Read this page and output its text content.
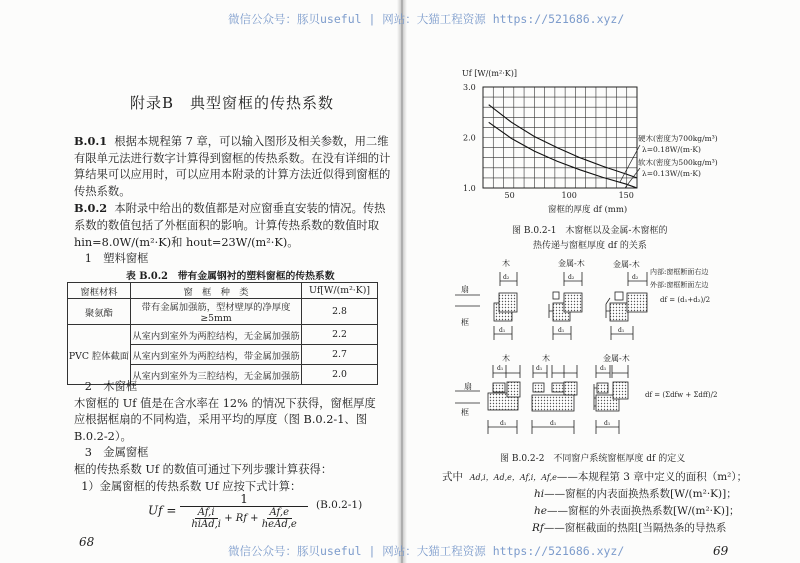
微信公众号：豚贝useful | 网站：大猫工程资源 https://521686.xyz/
附录B　典型窗框的传热系数
B.0.1 根据本规程第 7 章，可以输入图形及相关参数，用二维
有限单元法进行数字计算得到窗框的传热系数。在没有详细的计
算结果可以应用时，可以应用本附录的计算方法近似得到窗框的
传热系数。
B.0.2 本附录中给出的数值都是对应窗垂直安装的情况。传热
系数的数值包括了外框面积的影响。计算传热系数的数值时取
hin=8.0W/(m²·K)和 hout=23W/(m²·K)。
1　塑料窗框
表 B.0.2　带有金属钢衬的塑料窗框的传热系数
窗框材料	窗　框　种　类	Uf[W/(m²·K)]
聚氨酯	带有金属加强筋，型材壁厚的净厚度≥5mm	2.8
PVC 腔体截面	从室内到室外为两腔结构，无金属加强筋	2.2
	从室内到室外为两腔结构，带金属加强筋	2.7
	从室内到室外为三腔结构，无金属加强筋	2.0
2　木窗框
木窗框的 Uf 值是在含水率在 12% 的情况下获得，窗框厚度
应根据框扇的不同构造，采用平均的厚度（图 B.0.2-1、图
B.0.2-2）。
3　金属窗框
框的传热系数 Uf 的数值可通过下列步骤计算获得：
1）金属窗框的传热系数 Uf 应按下式计算：
$Uf = \frac{1}{\frac{Af,i}{\text{hiAd,i}} + Rf + \frac{Af,e}{\text{heAd,e}}} (B.0.2-1)$
68
50	100	150
1.0
2.0
3.0
Uf [W/(m²·K)]
窗框的厚度 df (mm)
硬木(密度为700kg/m³)
λ=0.18W/(m·K)
软木(密度为500kg/m³)
λ=0.13W/(m·K)
图 B.0.2-1　木窗框以及金属-木窗框的
热传递与窗框厚度 df 的关系
木	金属-木	金属-木
扇
框
d₂	d₂	d₂
d₁	d₁	d₁
内部:窗框断面右边
外部:窗框断面左边
df = (d₁+d₂)/2
木	木	金属-木
扇
框
d₁	d₁	d₁
d₁	d₁	d₁
df = (Σdfw + Σdff)/2
图 B.0.2-2　不同窗户系统窗框厚度 df 的定义
式中 Ad,i，Ad,e，Af,i，Af,e——本规程第 3 章中定义的面积（m²）；
hi——窗框的内表面换热系数[W/(m²·K)]；
he——窗框的外表面换热系数[W/(m²·K)]；
Rf——窗框截面的热阻[当隔热条的导热系
69
微信公众号：豚贝useful | 网站：大猫工程资源 https://521686.xyz/
